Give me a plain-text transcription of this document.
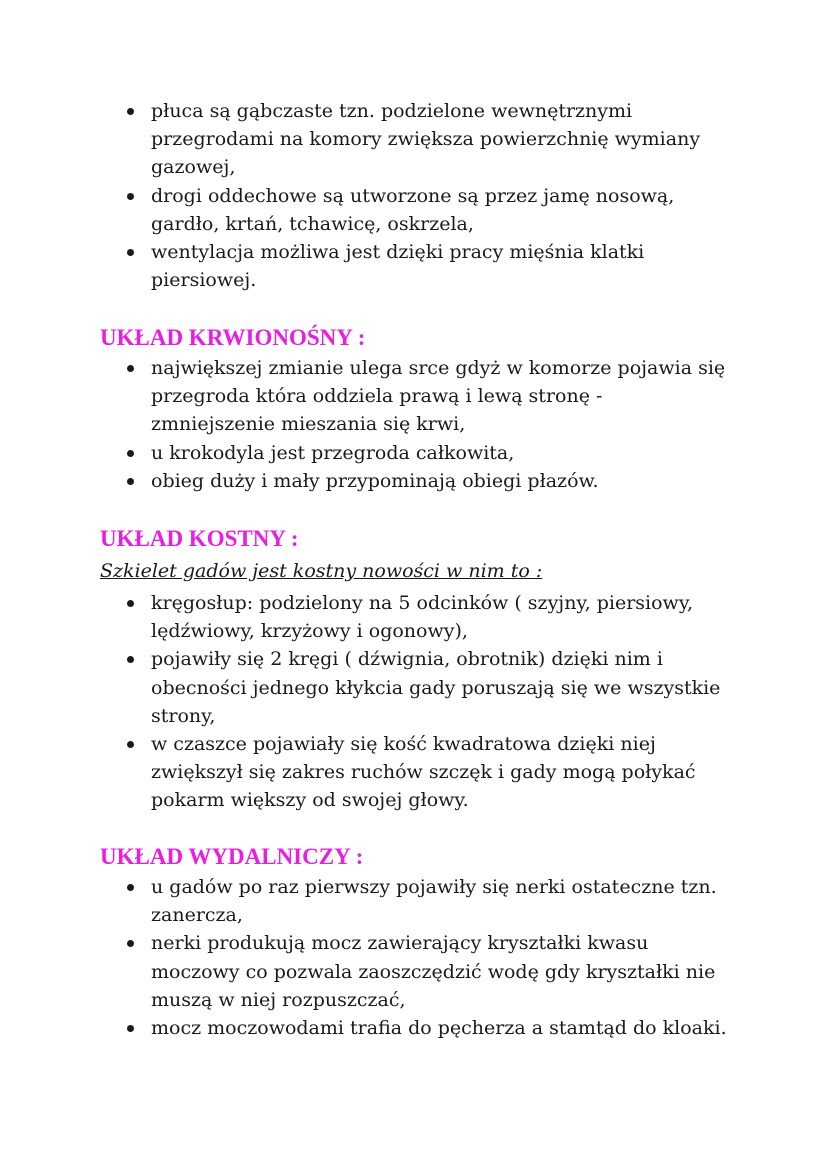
płuca są gąbczaste tzn. podzielone wewnętrznymi
przegrodami na komory zwiększa powierzchnię wymiany
gazowej,
drogi oddechowe są utworzone są przez jamę nosową,
gardło, krtań, tchawicę, oskrzela,
wentylacja możliwa jest dzięki pracy mięśnia klatki
piersiowej.
UKŁAD KRWIONOŚNY :
największej zmianie ulega srce gdyż w komorze pojawia się
przegroda która oddziela prawą i lewą stronę -
zmniejszenie mieszania się krwi,
u krokodyla jest przegroda całkowita,
obieg duży i mały przypominają obiegi płazów.
UKŁAD KOSTNY :

Szkielet gadów jest kostny nowości w nim to :

kręgosłup: podzielony na 5 odcinków ( szyjny, piersiowy,
lędźwiowy, krzyżowy i ogonowy),
pojawiły się 2 kręgi ( dźwignia, obrotnik) dzięki nim i
obecności jednego kłykcia gady poruszają się we wszystkie
strony,
w czaszce pojawiały się kość kwadratowa dzięki niej
zwiększył się zakres ruchów szczęk i gady mogą połykać
pokarm większy od swojej głowy.
UKŁAD WYDALNICZY :
u gadów po raz pierwszy pojawiły się nerki ostateczne tzn.
zanercza,
nerki produkują mocz zawierający kryształki kwasu
moczowy co pozwala zaoszczędzić wodę gdy kryształki nie
muszą w niej rozpuszczać,
mocz moczowodami trafia do pęcherza a stamtąd do kloaki.
